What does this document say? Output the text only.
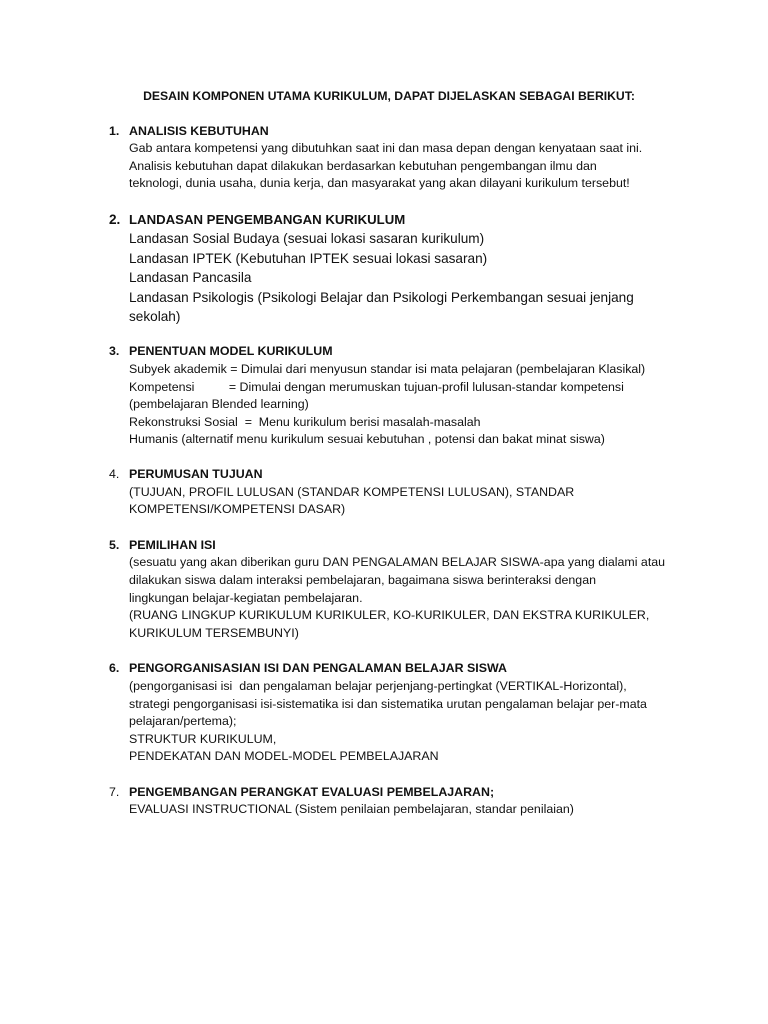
DESAIN KOMPONEN UTAMA KURIKULUM, DAPAT DIJELASKAN SEBAGAI BERIKUT:
1. ANALISIS KEBUTUHAN

Gab antara kompetensi yang dibutuhkan saat ini dan masa depan dengan kenyataan saat ini.

Analisis kebutuhan dapat dilakukan berdasarkan kebutuhan pengembangan ilmu dan

teknologi, dunia usaha, dunia kerja, dan masyarakat yang akan dilayani kurikulum tersebut!

2. LANDASAN PENGEMBANGAN KURIKULUM

Landasan Sosial Budaya (sesuai lokasi sasaran kurikulum)

Landasan IPTEK (Kebutuhan IPTEK sesuai lokasi sasaran)

Landasan Pancasila

Landasan Psikologis (Psikologi Belajar dan Psikologi Perkembangan sesuai jenjang

sekolah)

3. PENENTUAN MODEL KURIKULUM

Subyek akademik = Dimulai dari menyusun standar isi mata pelajaran (pembelajaran Klasikal)

Kompetensi          = Dimulai dengan merumuskan tujuan-profil lulusan-standar kompetensi

(pembelajaran Blended learning)

Rekonstruksi Sosial  =  Menu kurikulum berisi masalah-masalah

Humanis (alternatif menu kurikulum sesuai kebutuhan , potensi dan bakat minat siswa)

4. PERUMUSAN TUJUAN

(TUJUAN, PROFIL LULUSAN (STANDAR KOMPETENSI LULUSAN), STANDAR

KOMPETENSI/KOMPETENSI DASAR)

5. PEMILIHAN ISI

(sesuatu yang akan diberikan guru DAN PENGALAMAN BELAJAR SISWA-apa yang dialami atau

dilakukan siswa dalam interaksi pembelajaran, bagaimana siswa berinteraksi dengan

lingkungan belajar-kegiatan pembelajaran.

(RUANG LINGKUP KURIKULUM KURIKULER, KO-KURIKULER, DAN EKSTRA KURIKULER,

KURIKULUM TERSEMBUNYI)

6. PENGORGANISASIAN ISI DAN PENGALAMAN BELAJAR SISWA

(pengorganisasi isi  dan pengalaman belajar perjenjang-pertingkat (VERTIKAL-Horizontal),

strategi pengorganisasi isi-sistematika isi dan sistematika urutan pengalaman belajar per-mata

pelajaran/pertema);

STRUKTUR KURIKULUM,

PENDEKATAN DAN MODEL-MODEL PEMBELAJARAN

7. PENGEMBANGAN PERANGKAT EVALUASI PEMBELAJARAN;

EVALUASI INSTRUCTIONAL (Sistem penilaian pembelajaran, standar penilaian)
